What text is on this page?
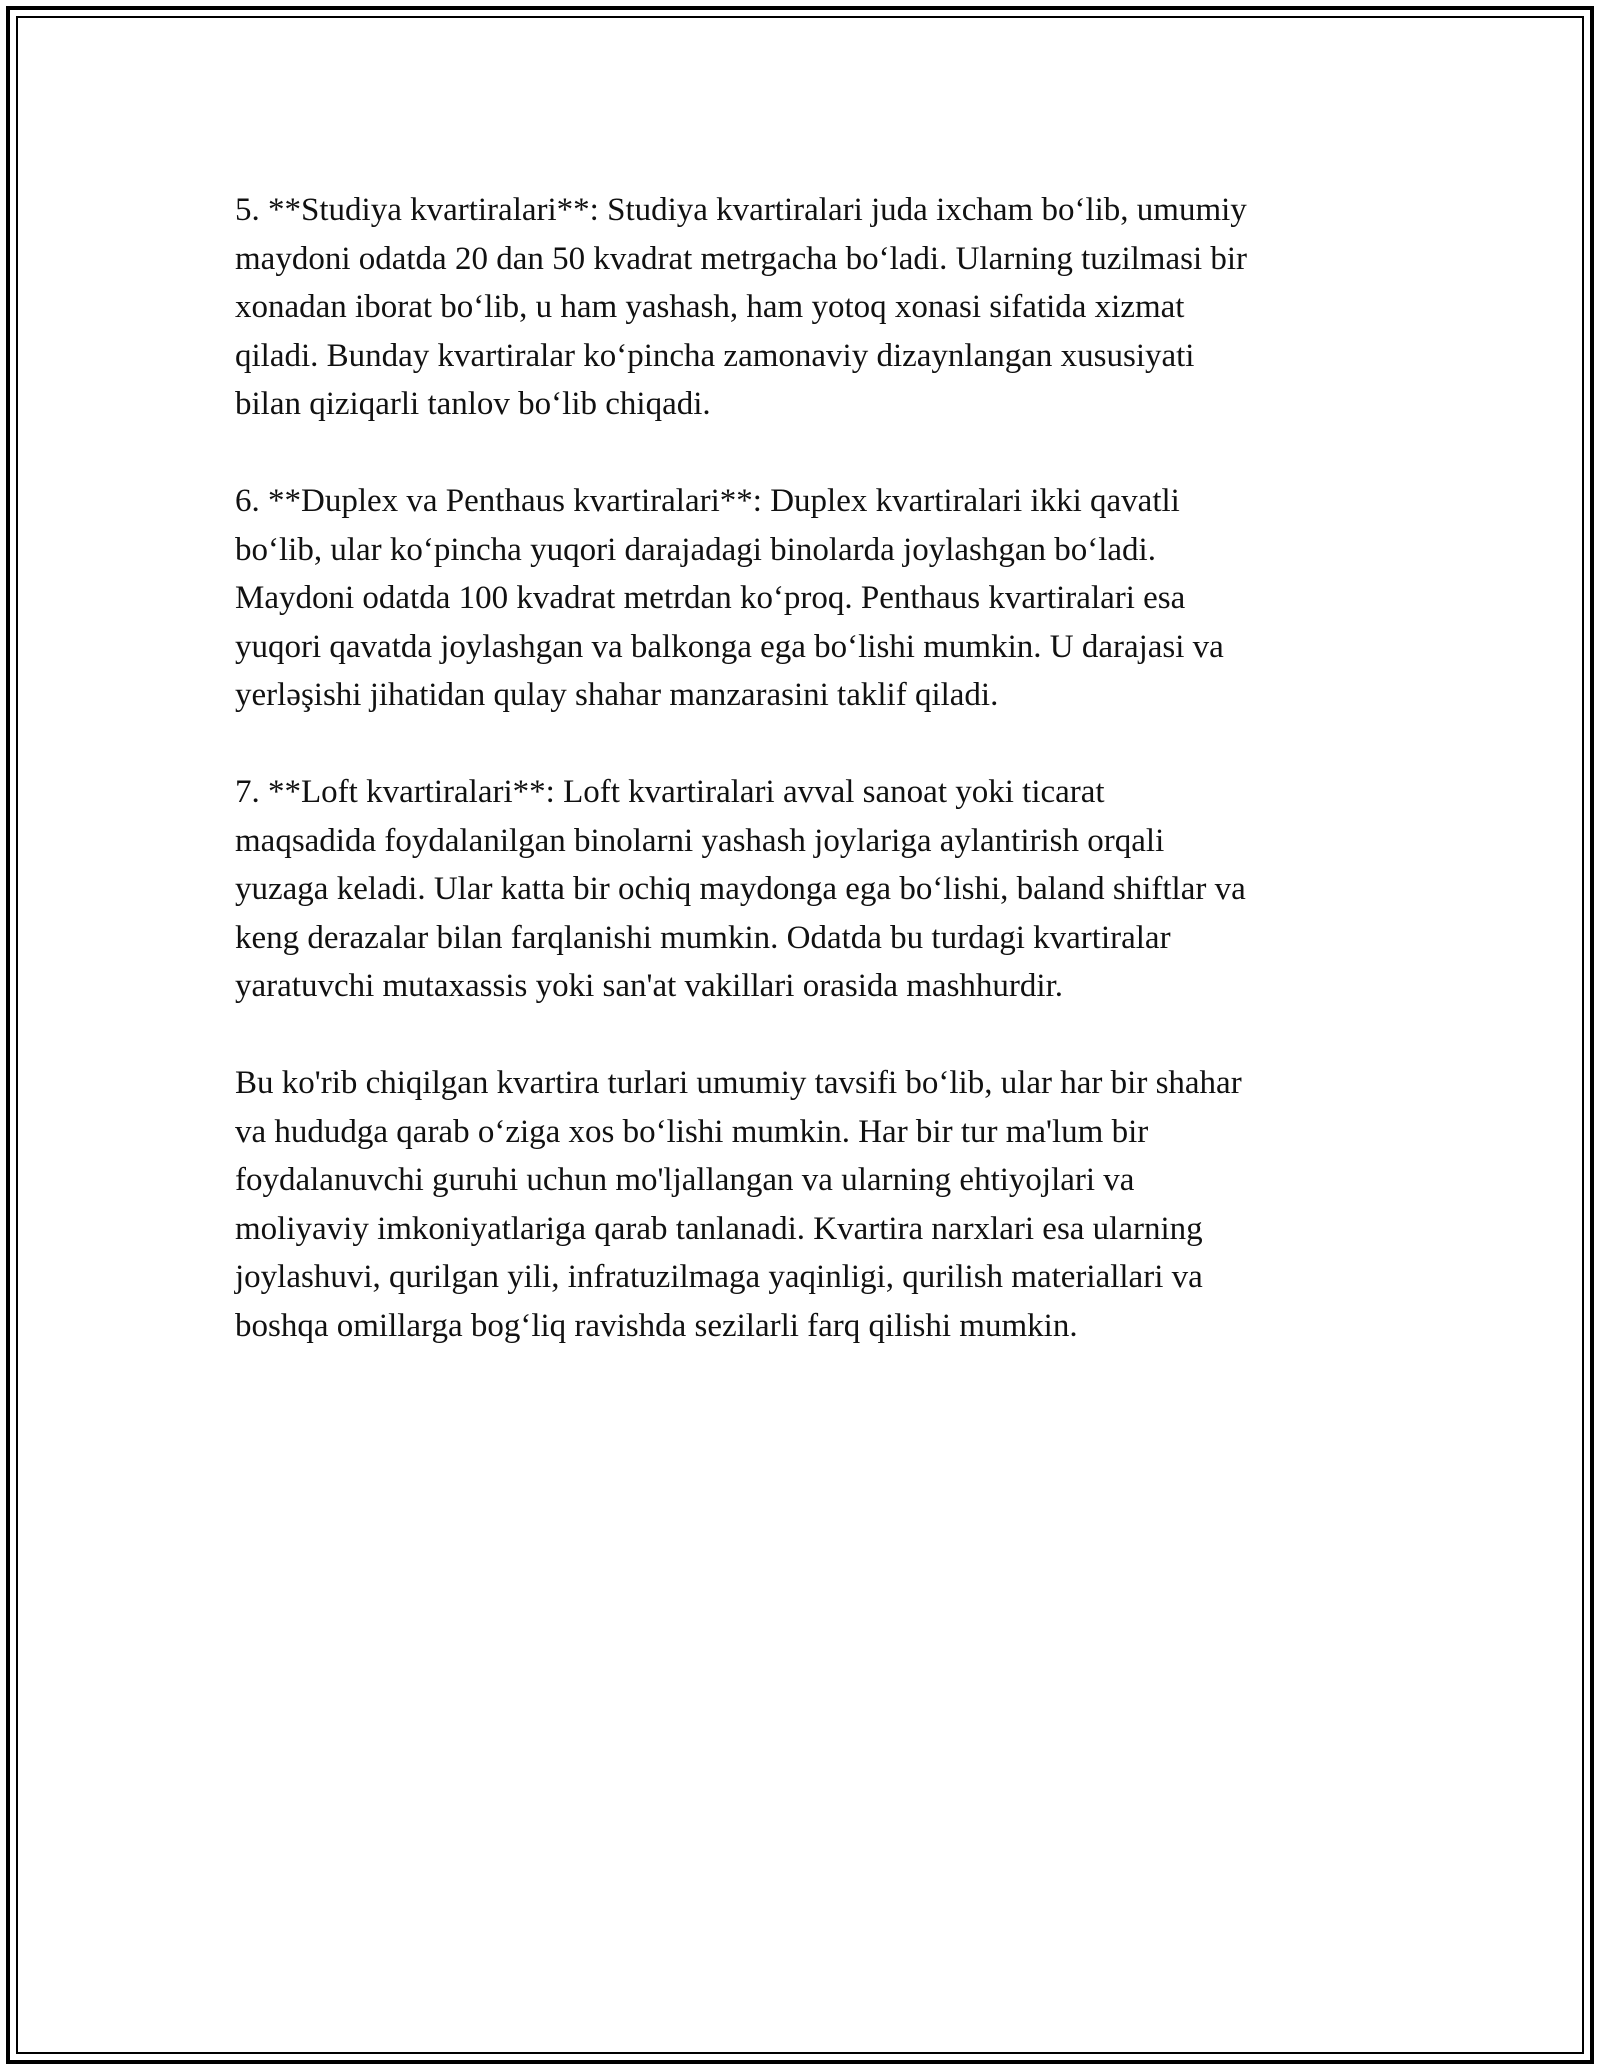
5. **Studiya kvartiralari**: Studiya kvartiralari juda ixcham bo‘lib, umumiy
maydoni odatda 20 dan 50 kvadrat metrgacha bo‘ladi. Ularning tuzilmasi bir
xonadan iborat bo‘lib, u ham yashash, ham yotoq xonasi sifatida xizmat
qiladi. Bunday kvartiralar ko‘pincha zamonaviy dizaynlangan xususiyati
bilan qiziqarli tanlov bo‘lib chiqadi.

6. **Duplex va Penthaus kvartiralari**: Duplex kvartiralari ikki qavatli
bo‘lib, ular ko‘pincha yuqori darajadagi binolarda joylashgan bo‘ladi.
Maydoni odatda 100 kvadrat metrdan ko‘proq. Penthaus kvartiralari esa
yuqori qavatda joylashgan va balkonga ega bo‘lishi mumkin. U darajasi va
yerləşishi jihatidan qulay shahar manzarasini taklif qiladi.

7. **Loft kvartiralari**: Loft kvartiralari avval sanoat yoki ticarat
maqsadida foydalanilgan binolarni yashash joylariga aylantirish orqali
yuzaga keladi. Ular katta bir ochiq maydonga ega bo‘lishi, baland shiftlar va
keng derazalar bilan farqlanishi mumkin. Odatda bu turdagi kvartiralar
yaratuvchi mutaxassis yoki san'at vakillari orasida mashhurdir.

Bu ko'rib chiqilgan kvartira turlari umumiy tavsifi bo‘lib, ular har bir shahar
va hududga qarab o‘ziga xos bo‘lishi mumkin. Har bir tur ma'lum bir
foydalanuvchi guruhi uchun mo'ljallangan va ularning ehtiyojlari va
moliyaviy imkoniyatlariga qarab tanlanadi. Kvartira narxlari esa ularning
joylashuvi, qurilgan yili, infratuzilmaga yaqinligi, qurilish materiallari va
boshqa omillarga bog‘liq ravishda sezilarli farq qilishi mumkin.
